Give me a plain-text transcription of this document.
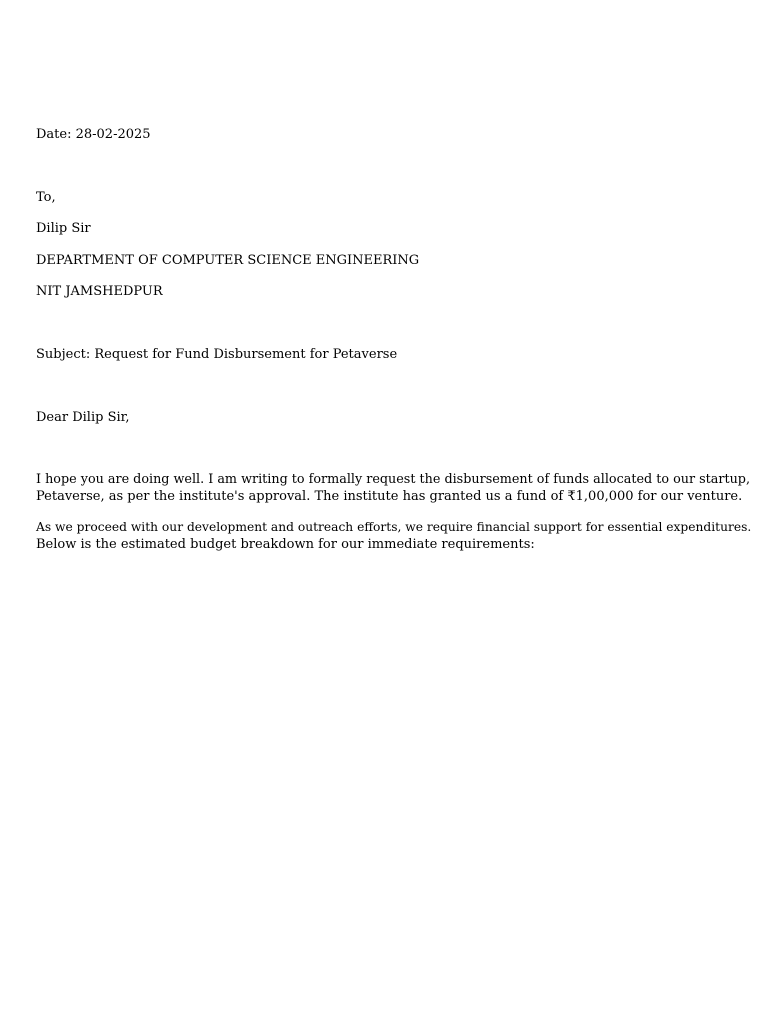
Date: 28-02-2025
To,
Dilip Sir
DEPARTMENT OF COMPUTER SCIENCE ENGINEERING
NIT JAMSHEDPUR
Subject: Request for Fund Disbursement for Petaverse
Dear Dilip Sir,
I hope you are doing well. I am writing to formally request the disbursement of funds allocated to our startup,
Petaverse, as per the institute's approval. The institute has granted us a fund of ₹1,00,000 for our venture.
As we proceed with our development and outreach efforts, we require financial support for essential expenditures.
Below is the estimated budget breakdown for our immediate requirements:
